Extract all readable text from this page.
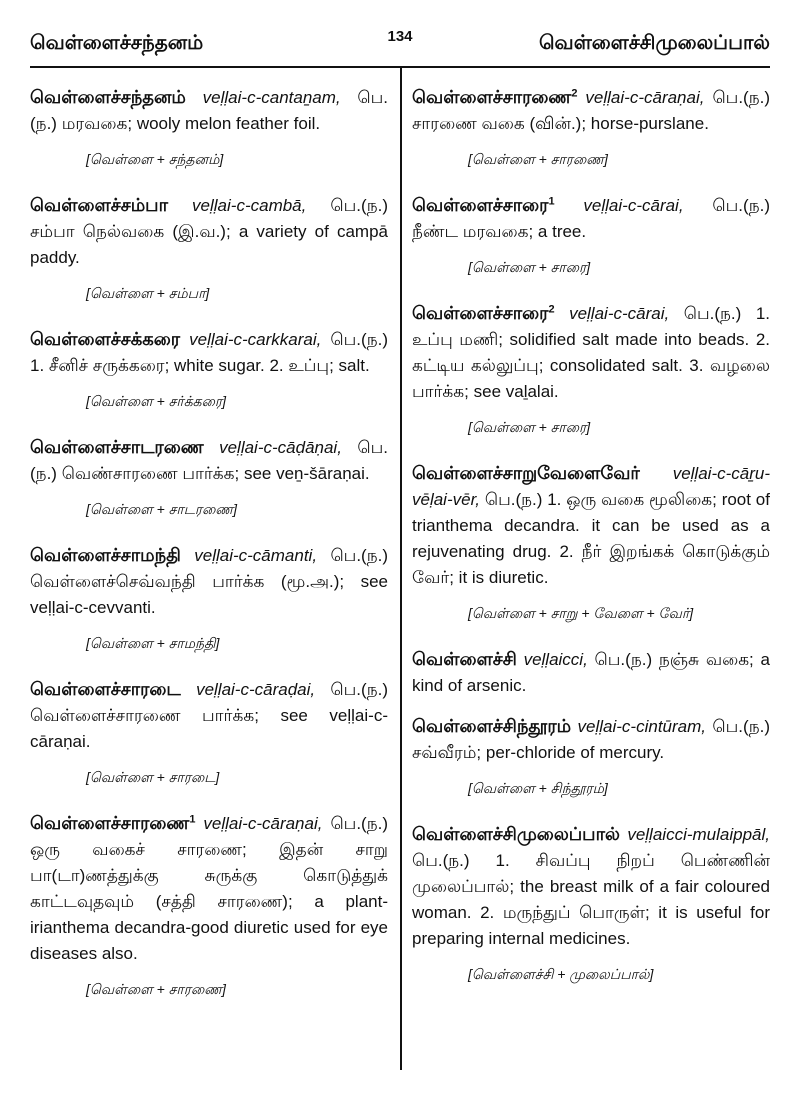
வெள்ளைச்சந்தனம்	134	வெள்ளைச்சிமுலைப்பால்
வெள்ளைச்சந்தனம் veḷḷai-c-cantaṉam, பெ.(ந.) மரவகை; wooly melon feather foil.
[வெள்ளை + சந்தனம்]
வெள்ளைச்சம்பா veḷḷai-c-cambā, பெ.(ந.) சம்பா நெல்வகை (இ.வ.); a variety of campā paddy.
[வெள்ளை + சம்பா]
வெள்ளைச்சக்கரை veḷḷai-c-carkkarai, பெ.(ந.) 1. சீனிச் சருக்கரை; white sugar. 2. உப்பு; salt.
[வெள்ளை + சர்க்கரை]
வெள்ளைச்சாடரணை veḷḷai-c-cāḍāṇai, பெ.(ந.) வெண்சாரணை பார்க்க; see veṉ-šāraṇai.
[வெள்ளை + சாடரணை]
வெள்ளைச்சாமந்தி veḷḷai-c-cāmanti, பெ.(ந.) வெள்ளைச்செவ்வந்தி பார்க்க (மூ.அ.); see veḷḷai-c-cevvanti.
[வெள்ளை + சாமந்தி]
வெள்ளைச்சாரடை veḷḷai-c-cāraḍai, பெ.(ந.) வெள்ளைச்சாரணை பார்க்க; see veḷḷai-c-cāraṇai.
[வெள்ளை + சாரடை]
வெள்ளைச்சாரணை$^1$ veḷḷai-c-cāraṇai, பெ.(ந.) ஒரு வகைச் சாரணை; இதன் சாறு பா(டா)ணத்துக்கு சுருக்கு கொடுத்துக் காட்டவுதவும் (சத்தி சாரணை); a plant-irianthema decandra-good diuretic used for eye diseases also.
[வெள்ளை + சாரணை]
வெள்ளைச்சாரணை$^2$ veḷḷai-c-cāraṇai, பெ.(ந.) சாரணை வகை (வின்.); horse-purslane.
[வெள்ளை + சாரணை]
வெள்ளைச்சாரை$^1$ veḷḷai-c-cārai, பெ.(ந.) நீண்ட மரவகை; a tree.
[வெள்ளை + சாரை]
வெள்ளைச்சாரை$^2$ veḷḷai-c-cārai, பெ.(ந.) 1. உப்பு மணி; solidified salt made into beads. 2. கட்டிய கல்லுப்பு; consolidated salt. 3. வழலை பார்க்க; see vaḻalai.
[வெள்ளை + சாரை]
வெள்ளைச்சாறுவேளைவேர் veḷḷai-c-cāṟu-vēḷai-vēr, பெ.(ந.) 1. ஒரு வகை மூலிகை; root of trianthema decandra. it can be used as a rejuvenating drug. 2. நீர் இறங்கக் கொடுக்கும் வேர்; it is diuretic.
[வெள்ளை + சாறு + வேளை + வேர்]
வெள்ளைச்சி veḷḷaicci, பெ.(ந.) நஞ்சு வகை; a kind of arsenic.
வெள்ளைச்சிந்தூரம் veḷḷai-c-cintūram, பெ.(ந.) சவ்வீரம்; per-chloride of mercury.
[வெள்ளை + சிந்தூரம்]
வெள்ளைச்சிமுலைப்பால் veḷḷaicci-mulaippāl, பெ.(ந.) 1. சிவப்பு நிறப் பெண்ணின் முலைப்பால்; the breast milk of a fair coloured woman. 2. மருந்துப் பொருள்; it is useful for preparing internal medicines.
[வெள்ளைச்சி + முலைப்பால்]
